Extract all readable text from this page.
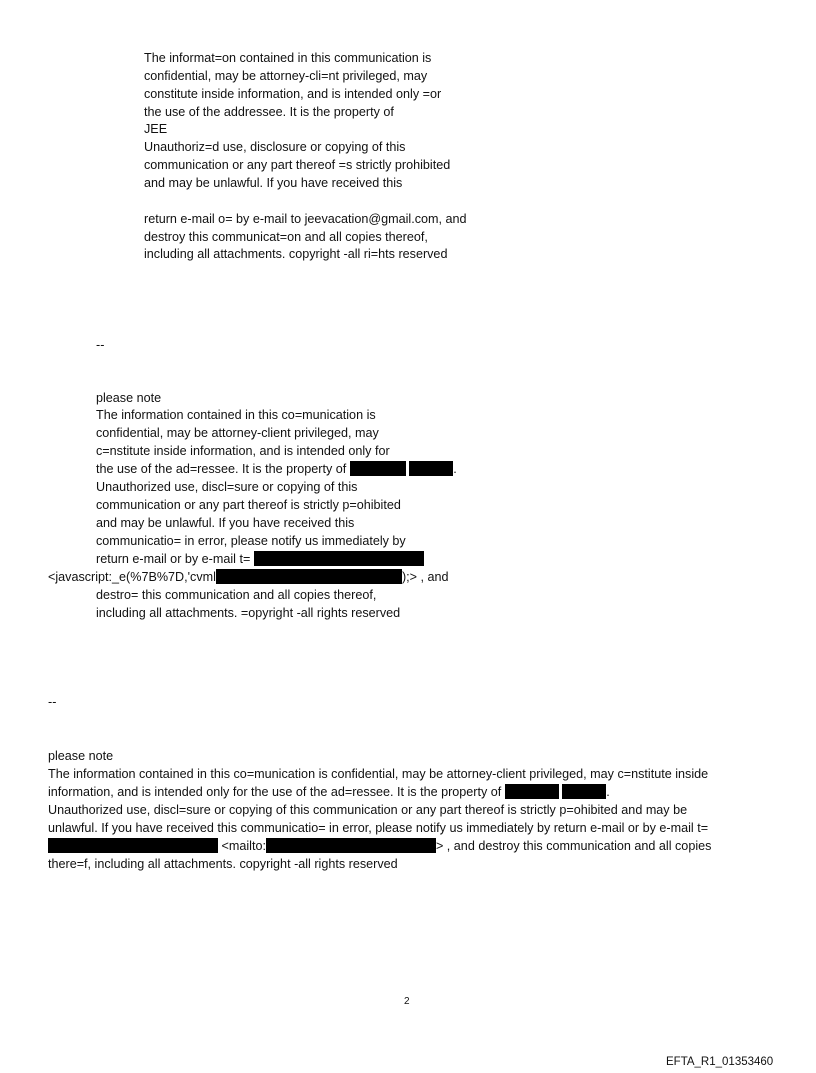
The informat=on contained in this communication is
confidential, may be attorney-cli=nt privileged, may
constitute inside information, and is intended only =or
the use of the addressee. It is the property of
JEE
Unauthoriz=d use, disclosure or copying of this
communication or any part thereof =s strictly prohibited
and may be unlawful. If you have received this
return e-mail o= by e-mail to jeevacation@gmail.com, and
destroy this communicat=on and all copies thereof,
including all attachments. copyright -all ri=hts reserved
--
please note
The information contained in this co=munication is
confidential, may be attorney-client privileged, may
c=nstitute inside information, and is intended only for
the use of the ad=ressee. It is the property of	.
Unauthorized use, discl=sure or copying of this
communication or any part thereof is strictly p=ohibited
and may be unlawful. If you have received this
communicatio= in error, please notify us immediately by
return e-mail or by e-mail t=
<javascript:_e(%7B%7D,'cvml	);> , and
destro= this communication and all copies thereof,
including all attachments. =opyright -all rights reserved
--
please note
The information contained in this co=munication is confidential, may be attorney-client privileged, may c=nstitute inside
information, and is intended only for the use of the ad=ressee. It is the property of	.
Unauthorized use, discl=sure or copying of this communication or any part thereof is strictly p=ohibited and may be
unlawful. If you have received this communicatio= in error, please notify us immediately by return e-mail or by e-mail t=
<mailto:	> , and destroy this communication and all copies
there=f, including all attachments. copyright -all rights reserved
2
EFTA_R1_01353460
